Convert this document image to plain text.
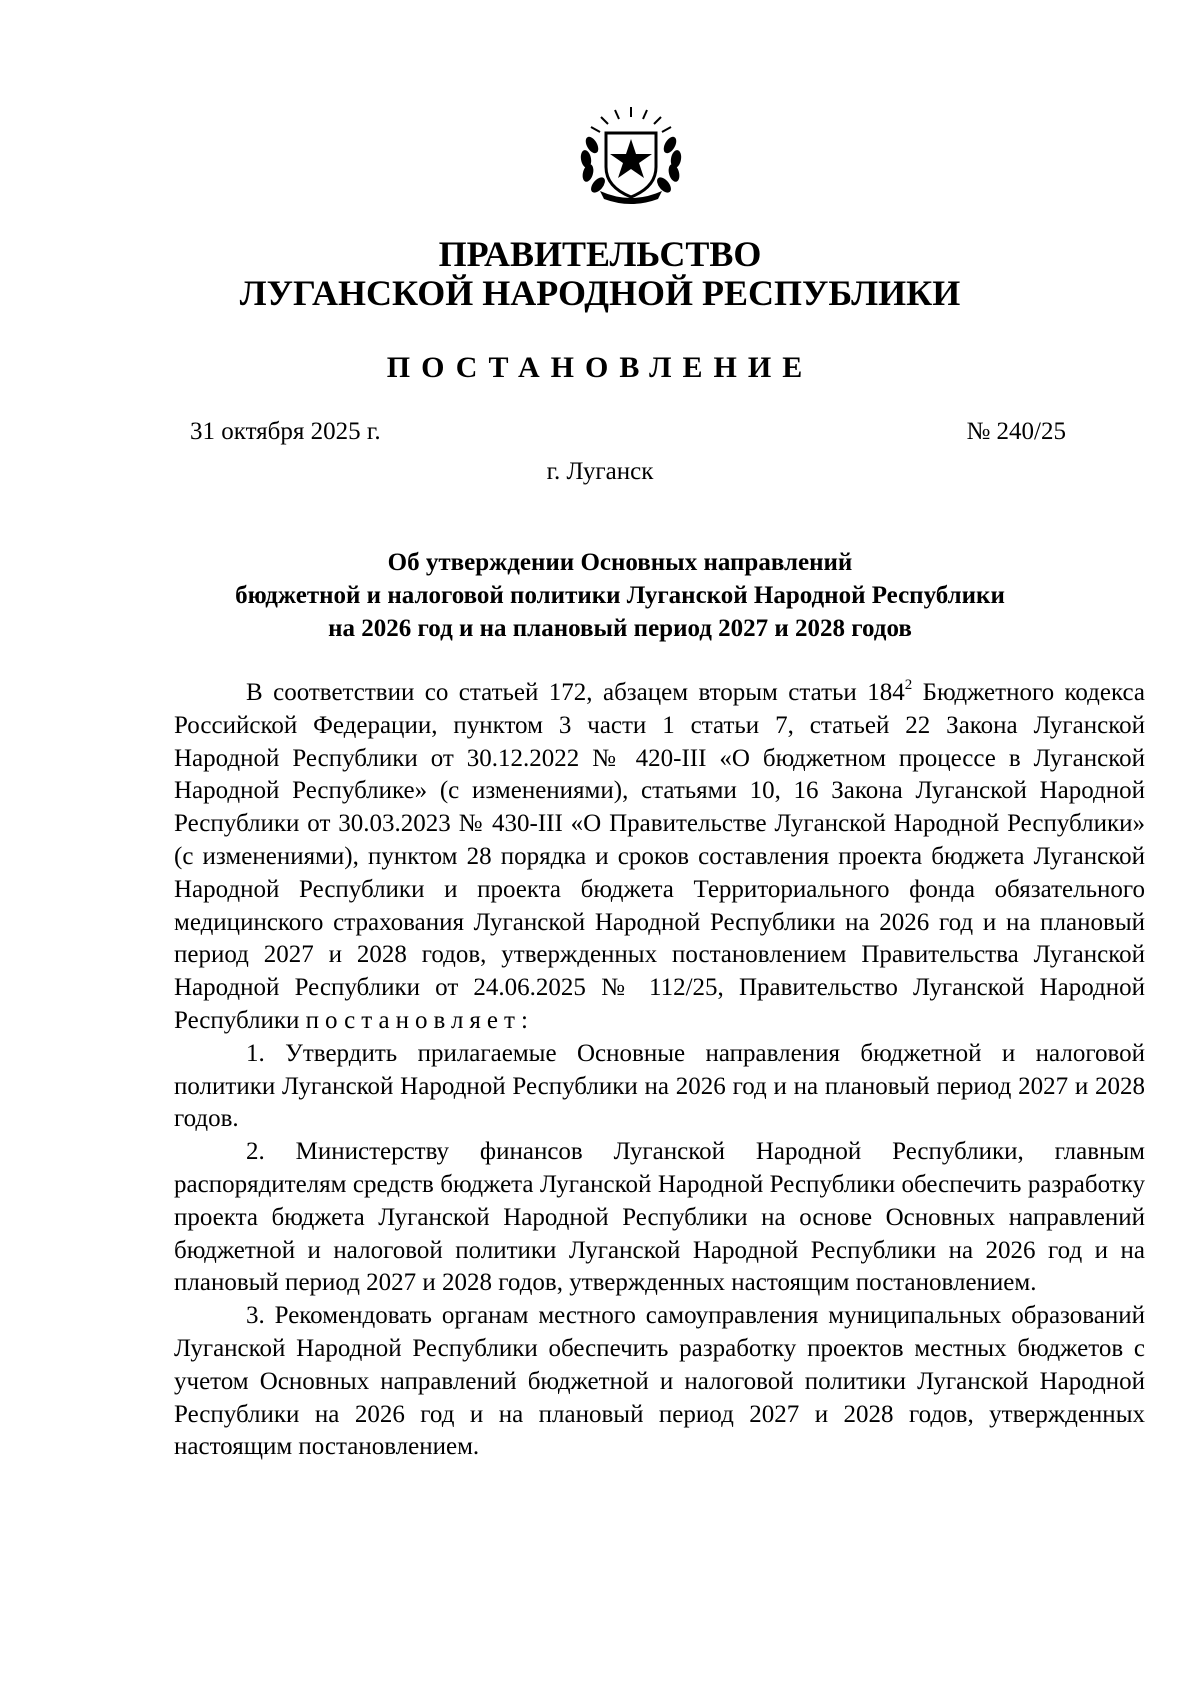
ПРАВИТЕЛЬСТВО
ЛУГАНСКОЙ НАРОДНОЙ РЕСПУБЛИКИ
ПОСТАНОВЛЕНИЕ
31 октября 2025 г.	№ 240/25
г. Луганск
Об утверждении Основных направлений
бюджетной и налоговой политики Луганской Народной Республики
на 2026 год и на плановый период 2027 и 2028 годов

В соответствии со статьей 172, абзацем вторым статьи $184^2$ Бюджетного кодекса Российской Федерации, пунктом 3 части 1 статьи 7, статьей 22 Закона Луганской Народной Республики от 30.12.2022 № 420-III «О бюджетном процессе в Луганской Народной Республике» (с изменениями), статьями 10, 16 Закона Луганской Народной Республики от 30.03.2023 № 430-III «О Правительстве Луганской Народной Республики» (с изменениями), пунктом 28 порядка и сроков составления проекта бюджета Луганской Народной Республики и проекта бюджета Территориального фонда обязательного медицинского страхования Луганской Народной Республики на 2026 год и на плановый период 2027 и 2028 годов, утвержденных постановлением Правительства Луганской Народной Республики от 24.06.2025 № 112/25, Правительство Луганской Народной Республики постановляет:

1. Утвердить прилагаемые Основные направления бюджетной и налоговой политики Луганской Народной Республики на 2026 год и на плановый период 2027 и 2028 годов.

2. Министерству финансов Луганской Народной Республики, главным распорядителям средств бюджета Луганской Народной Республики обеспечить разработку проекта бюджета Луганской Народной Республики на основе Основных направлений бюджетной и налоговой политики Луганской Народной Республики на 2026 год и на плановый период 2027 и 2028 годов, утвержденных настоящим постановлением.

3. Рекомендовать органам местного самоуправления муниципальных образований Луганской Народной Республики обеспечить разработку проектов местных бюджетов с учетом Основных направлений бюджетной и налоговой политики Луганской Народной Республики на 2026 год и на плановый период 2027 и 2028 годов, утвержденных настоящим постановлением.
